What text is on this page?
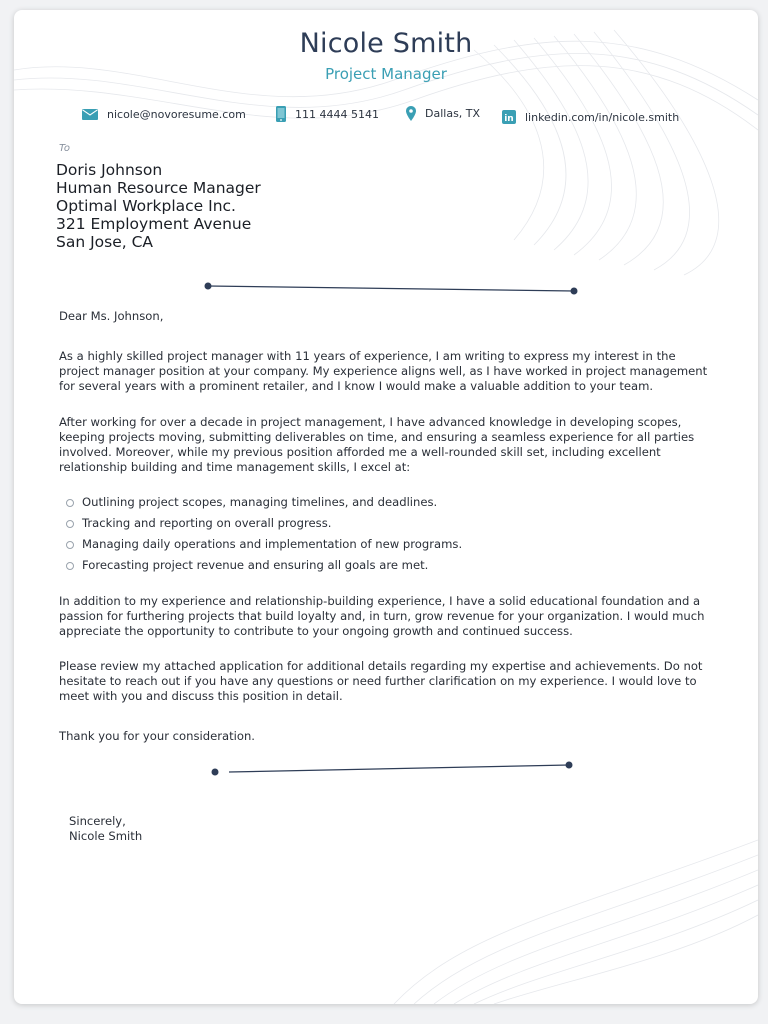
Nicole Smith
Project Manager
nicole@novoresume.com	111 4444 5141	Dallas, TX	in linkedin.com/in/nicole.smith
To
Doris Johnson
Human Resource Manager
Optimal Workplace Inc.
321 Employment Avenue
San Jose, CA
Dear Ms. Johnson,
As a highly skilled project manager with 11 years of experience, I am writing to express my interest in the project manager position at your company. My experience aligns well, as I have worked in project management for several years with a prominent retailer, and I know I would make a valuable addition to your team.
After working for over a decade in project management, I have advanced knowledge in developing scopes, keeping projects moving, submitting deliverables on time, and ensuring a seamless experience for all parties involved. Moreover, while my previous position afforded me a well-rounded skill set, including excellent relationship building and time management skills, I excel at:
Outlining project scopes, managing timelines, and deadlines.
Tracking and reporting on overall progress.
Managing daily operations and implementation of new programs.
Forecasting project revenue and ensuring all goals are met.
In addition to my experience and relationship-building experience, I have a solid educational foundation and a passion for furthering projects that build loyalty and, in turn, grow revenue for your organization. I would much appreciate the opportunity to contribute to your ongoing growth and continued success.
Please review my attached application for additional details regarding my expertise and achievements. Do not hesitate to reach out if you have any questions or need further clarification on my experience. I would love to meet with you and discuss this position in detail.
Thank you for your consideration.
Sincerely,
Nicole Smith
